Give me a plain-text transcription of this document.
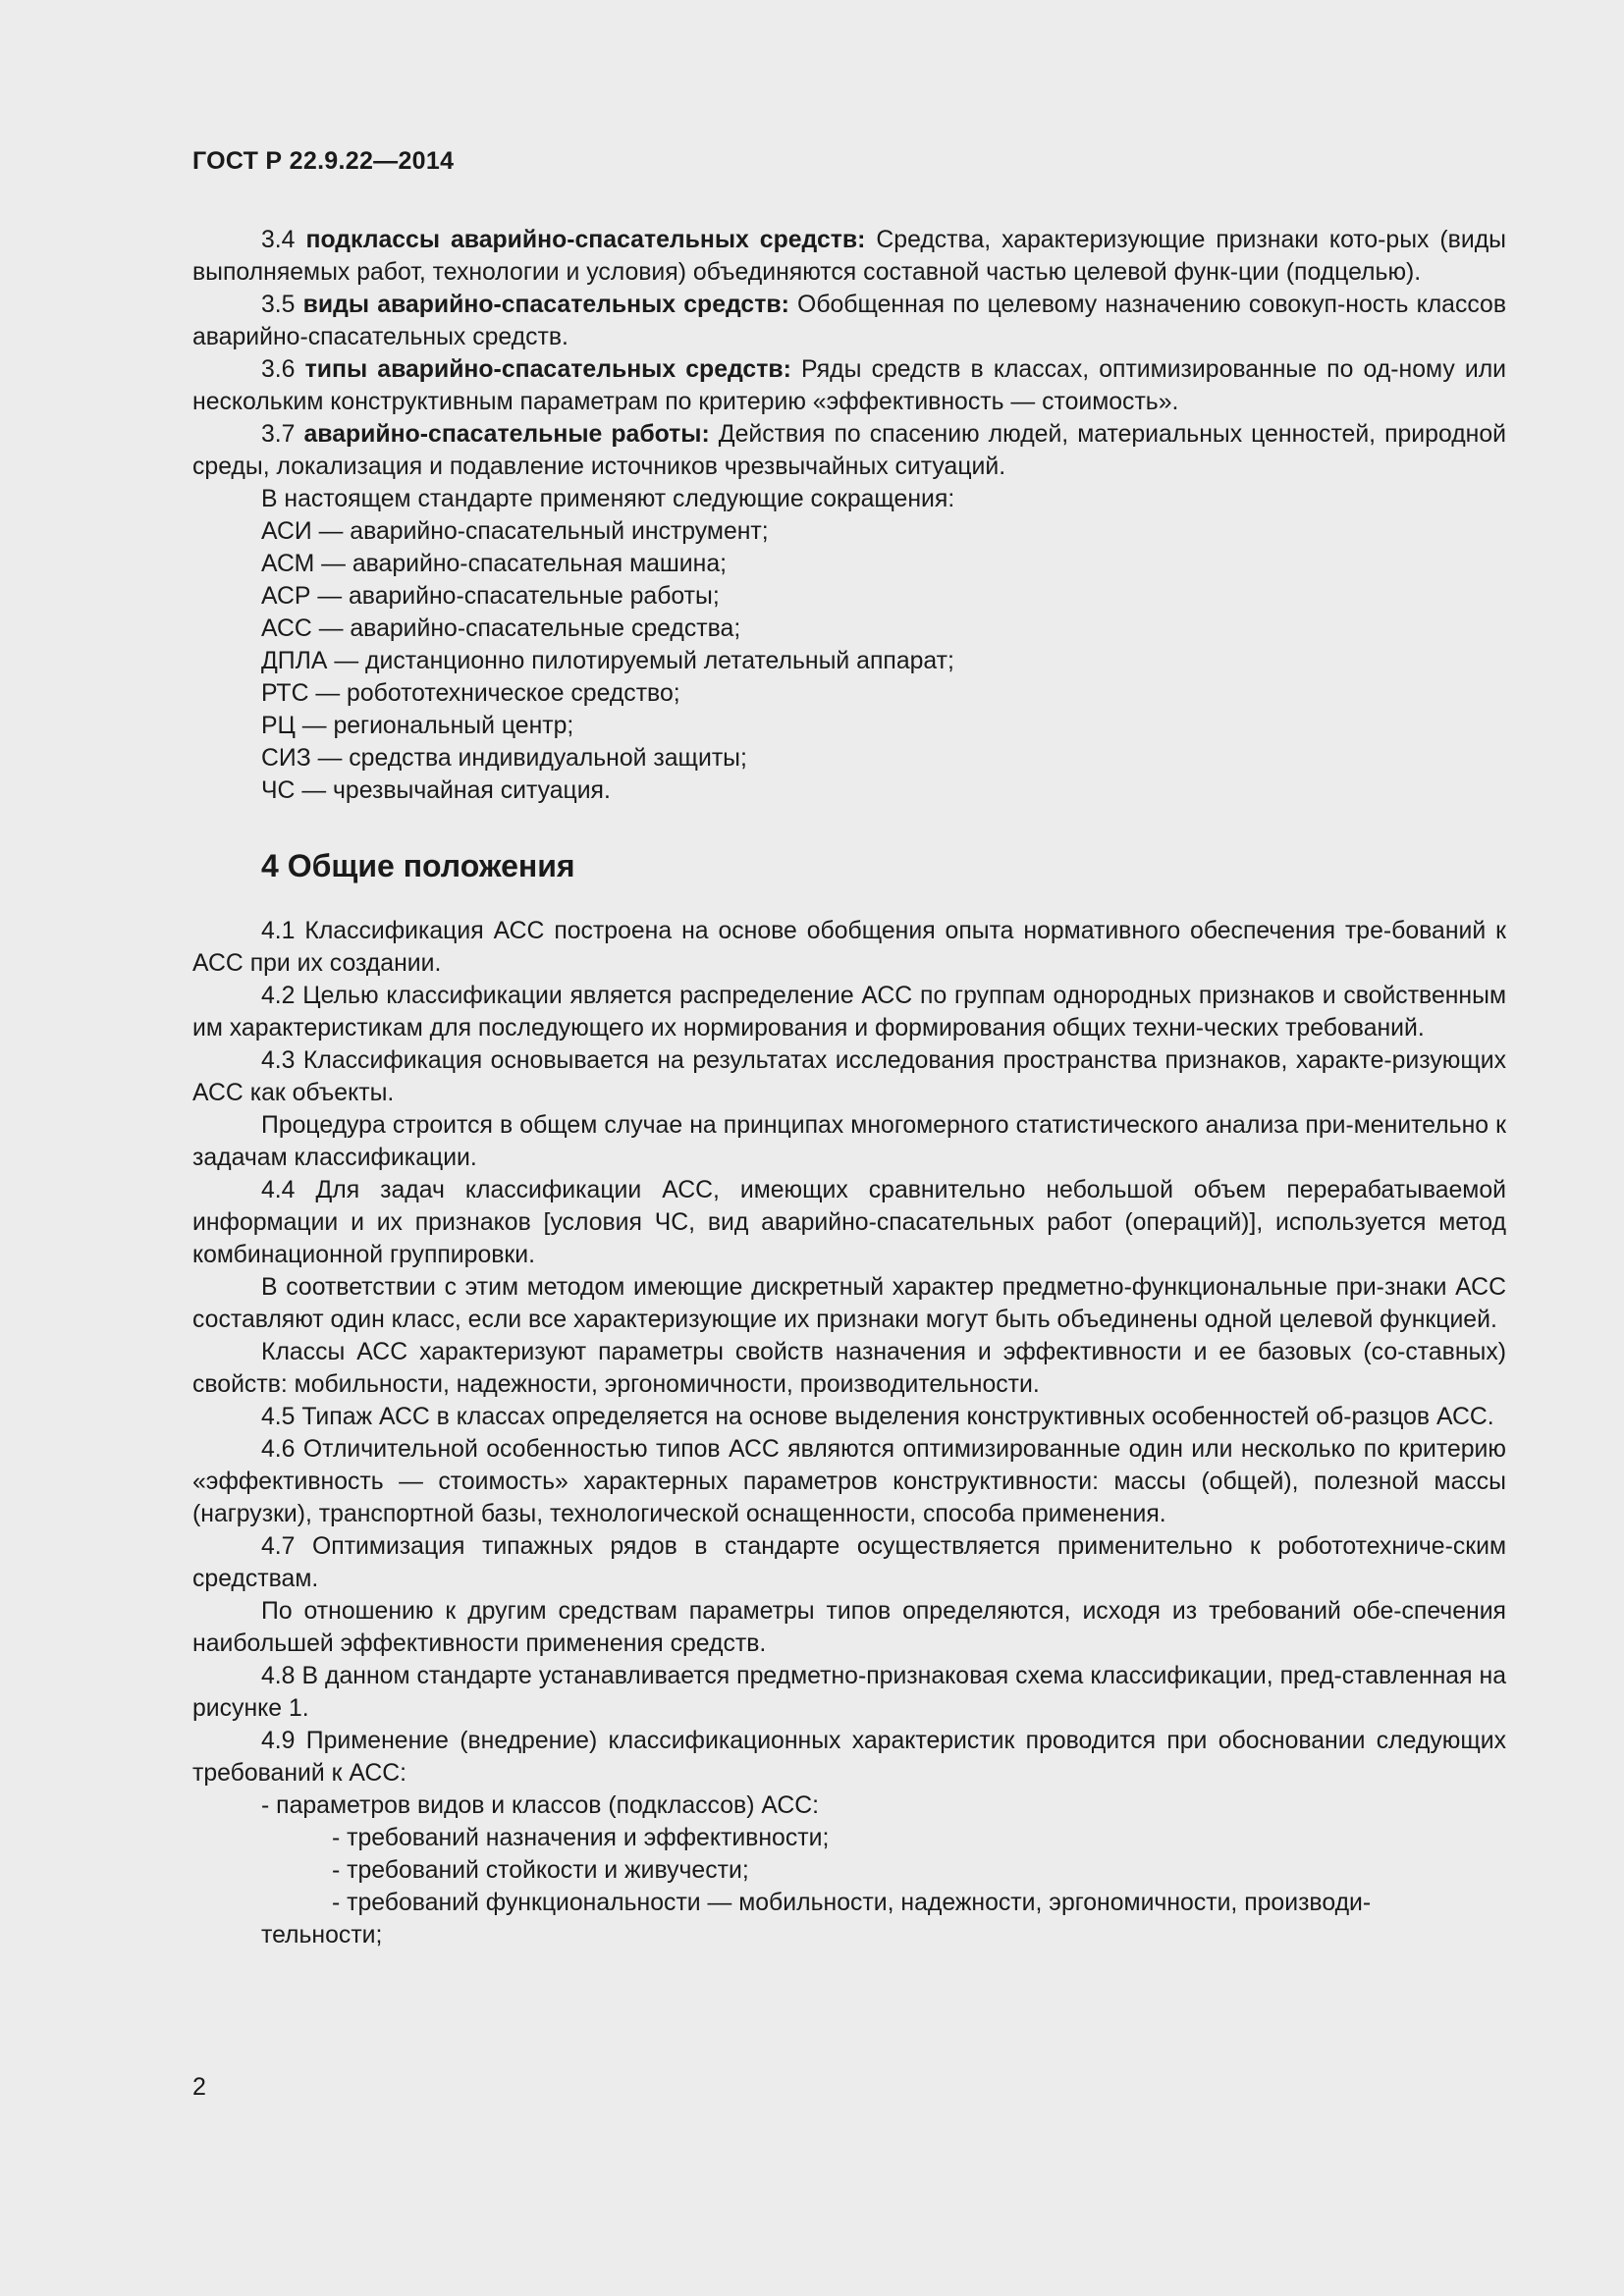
ГОСТ Р 22.9.22—2014
3.4 подклассы аварийно-спасательных средств: Средства, характеризующие признаки кото-рых (виды выполняемых работ, технологии и условия) объединяются составной частью целевой функ-ции (подцелью).
3.5 виды аварийно-спасательных средств: Обобщенная по целевому назначению совокуп-ность классов аварийно-спасательных средств.
3.6 типы аварийно-спасательных средств: Ряды средств в классах, оптимизированные по од-ному или нескольким конструктивным параметрам по критерию «эффективность — стоимость».
3.7 аварийно-спасательные работы: Действия по спасению людей, материальных ценностей, природной среды, локализация и подавление источников чрезвычайных ситуаций.
В настоящем стандарте применяют следующие сокращения:
АСИ — аварийно-спасательный инструмент;
АСМ — аварийно-спасательная машина;
АСР — аварийно-спасательные работы;
АСС — аварийно-спасательные средства;
ДПЛА — дистанционно пилотируемый летательный аппарат;
РТС — робототехническое средство;
РЦ — региональный центр;
СИЗ — средства индивидуальной защиты;
ЧС — чрезвычайная ситуация.
4 Общие положения
4.1 Классификация АСС построена на основе обобщения опыта нормативного обеспечения тре-бований к АСС при их создании.
4.2 Целью классификации является распределение АСС по группам однородных признаков и свойственным им характеристикам для последующего их нормирования и формирования общих техни-ческих требований.
4.3 Классификация основывается на результатах исследования пространства признаков, характе-ризующих АСС как объекты.
Процедура строится в общем случае на принципах многомерного статистического анализа при-менительно к задачам классификации.
4.4 Для задач классификации АСС, имеющих сравнительно небольшой объем перерабатываемой информации и их признаков [условия ЧС, вид аварийно-спасательных работ (операций)], используется метод комбинационной группировки.
В соответствии с этим методом имеющие дискретный характер предметно-функциональные при-знаки АСС составляют один класс, если все характеризующие их признаки могут быть объединены одной целевой функцией.
Классы АСС характеризуют параметры свойств назначения и эффективности и ее базовых (со-ставных) свойств: мобильности, надежности, эргономичности, производительности.
4.5 Типаж АСС в классах определяется на основе выделения конструктивных особенностей об-разцов АСС.
4.6 Отличительной особенностью типов АСС являются оптимизированные один или несколько по критерию «эффективность — стоимость» характерных параметров конструктивности: массы (общей), полезной массы (нагрузки), транспортной базы, технологической оснащенности, способа применения.
4.7 Оптимизация типажных рядов в стандарте осуществляется применительно к робототехниче-ским средствам.
По отношению к другим средствам параметры типов определяются, исходя из требований обе-спечения наибольшей эффективности применения средств.
4.8 В данном стандарте устанавливается предметно-признаковая схема классификации, пред-ставленная на рисунке 1.
4.9 Применение (внедрение) классификационных характеристик проводится при обосновании следующих требований к АСС:
- параметров видов и классов (подклассов) АСС:
- требований назначения и эффективности;
- требований стойкости и живучести;
- требований функциональности — мобильности, надежности, эргономичности, производи-
тельности;
2
